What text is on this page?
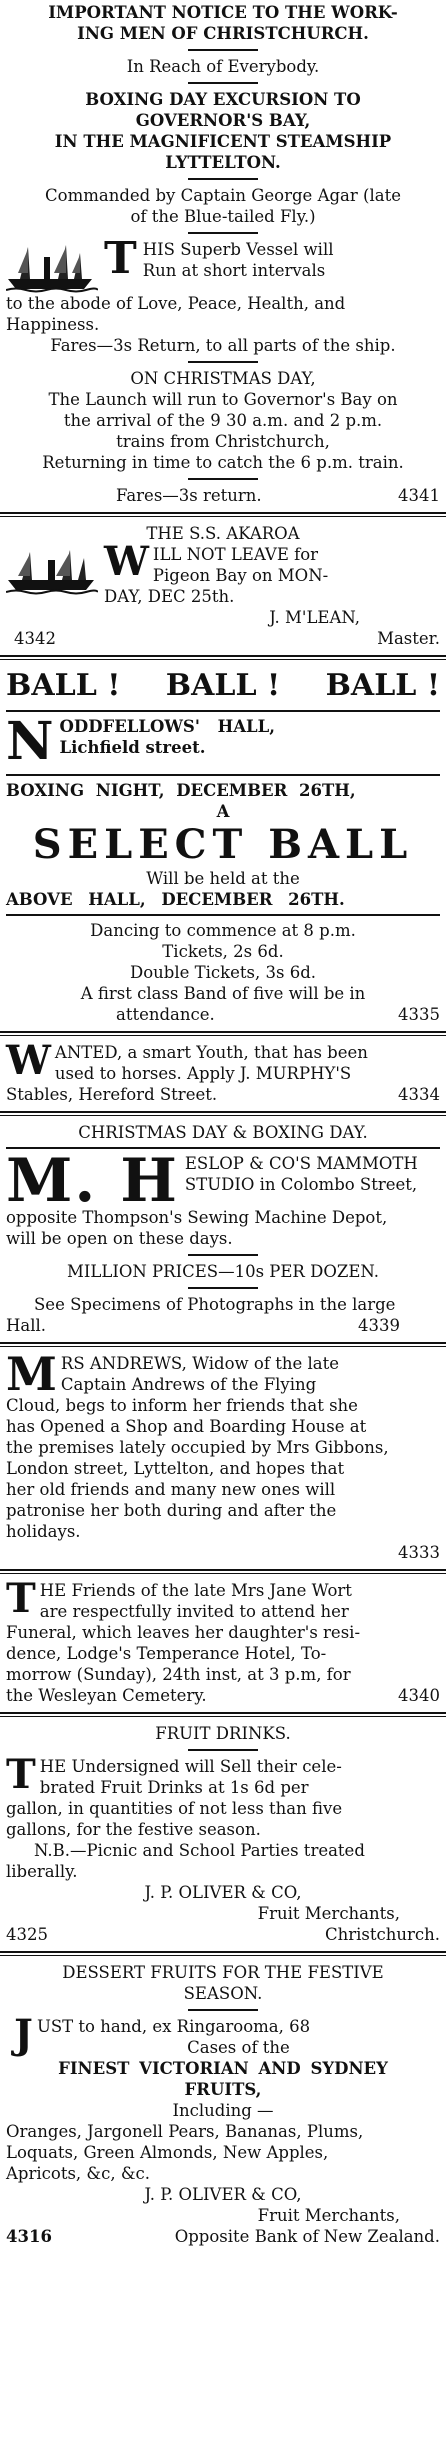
IMPORTANT NOTICE TO THE WORK-
ING MEN OF CHRISTCHURCH.
In Reach of Everybody.
BOXING DAY EXCURSION TO
GOVERNOR'S BAY,
IN THE MAGNIFICENT STEAMSHIP
LYTTELTON.
Commanded by Captain George Agar (late
of the Blue-tailed Fly.)
T HIS Superb Vessel will
Run at short intervals
to the abode of Love, Peace, Health, and
Happiness.
Fares—3s Return, to all parts of the ship.
ON CHRISTMAS DAY,
The Launch will run to Governor's Bay on
the arrival of the 9 30 a.m. and 2 p.m.
trains from Christchurch,
Returning in time to catch the 6 p.m. train.
Fares—3s return.	4341
THE S.S. AKAROA
W ILL NOT LEAVE for
Pigeon Bay on MON-
DAY, DEC 25th.
J. M'LEAN,
4342	Master.
BALL ! BALL ! BALL !
N ODDFELLOWS' HALL,
Lichfield street.
BOXING NIGHT, DECEMBER 26TH,
A
SELECT BALL
Will be held at the
ABOVE HALL, DECEMBER 26TH.
Dancing to commence at 8 p.m.
Tickets, 2s 6d.
Double Tickets, 3s 6d.
A first class Band of five will be in
attendance.	4335
W ANTED, a smart Youth, that has been
used to horses. Apply J. MURPHY'S
Stables, Hereford Street.	4334
CHRISTMAS DAY & BOXING DAY.
M. H ESLOP & CO'S MAMMOTH
STUDIO in Colombo Street,
opposite Thompson's Sewing Machine Depot,
will be open on these days.
MILLION PRICES—10s PER DOZEN.
See Specimens of Photographs in the large
Hall.	4339
M RS ANDREWS, Widow of the late
Captain Andrews of the Flying
Cloud, begs to inform her friends that she
has Opened a Shop and Boarding House at
the premises lately occupied by Mrs Gibbons,
London street, Lyttelton, and hopes that
her old friends and many new ones will
patronise her both during and after the
holidays.
4333
T HE Friends of the late Mrs Jane Wort
are respectfully invited to attend her
Funeral, which leaves her daughter's resi-
dence, Lodge's Temperance Hotel, To-
morrow (Sunday), 24th inst, at 3 p.m, for
the Wesleyan Cemetery.	4340
FRUIT DRINKS.
T HE Undersigned will Sell their cele-
brated Fruit Drinks at 1s 6d per
gallon, in quantities of not less than five
gallons, for the festive season.
N.B.—Picnic and School Parties treated
liberally.
J. P. OLIVER & CO,
Fruit Merchants,
4325	Christchurch.
DESSERT FRUITS FOR THE FESTIVE
SEASON.
J UST to hand, ex Ringarooma, 68
Cases of the
FINEST VICTORIAN AND SYDNEY
FRUITS,
Including —
Oranges, Jargonell Pears, Bananas, Plums,
Loquats, Green Almonds, New Apples,
Apricots, &c, &c.
J. P. OLIVER & CO,
Fruit Merchants,
4316	Opposite Bank of New Zealand.
